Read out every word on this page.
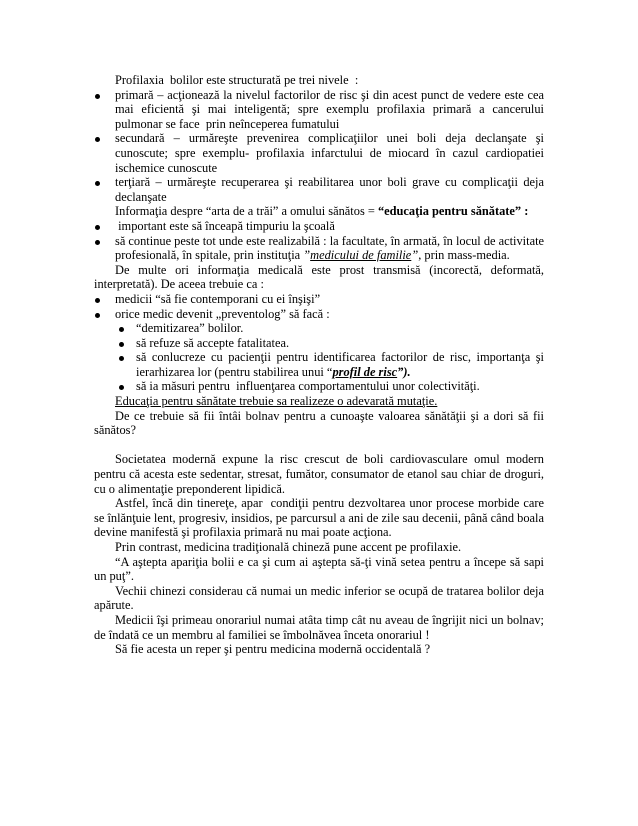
Profilaxia  bolilor este structurată pe trei nivele  :

primară – acţionează la nivelul factorilor de risc şi din acest punct de vedere este cea mai eficientă şi mai inteligentă; spre exemplu profilaxia primară a cancerului pulmonar se face  prin neînceperea fumatului
secundară – urmăreşte prevenirea complicaţiilor unei boli deja declanşate şi cunoscute; spre exemplu- profilaxia infarctului de miocard în cazul cardiopatiei ischemice cunoscute
terţiară – urmăreşte recuperarea şi reabilitarea unor boli grave cu complicaţii deja declanşate

Informaţia despre “arta de a trăi” a omului sănătos = “educaţia pentru sănătate” :

important este să înceapă timpuriu la şcoală
să continue peste tot unde este realizabilă : la facultate, în armată, în locul de activitate profesională, în spitale, prin instituţia ”medicului de familie”, prin mass-media.

De multe ori informaţia medicală este prost transmisă (incorectă, deformată, interpretată). De aceea trebuie ca :

medicii “să fie contemporani cu ei înşişi”
orice medic devenit „preventolog” să facă :
“demitizarea” bolilor.
să refuze să accepte fatalitatea.
să conlucreze cu pacienţii pentru identificarea factorilor de risc, importanţa şi ierarhizarea lor (pentru stabilirea unui “profil de risc”).
să ia măsuri pentru  influenţarea comportamentului unor colectivităţi.

Educaţia pentru sănătate trebuie sa realizeze o adevarată mutaţie.

De ce trebuie să fii întâi bolnav pentru a cunoaşte valoarea sănătăţii şi a dori să fii sănătos?

Societatea modernă expune la risc crescut de boli cardiovasculare omul modern pentru că acesta este sedentar, stresat, fumător, consumator de etanol sau chiar de droguri, cu o alimentaţie preponderent lipidică.

Astfel, încă din tinereţe, apar  condiţii pentru dezvoltarea unor procese morbide care se înlănţuie lent, progresiv, insidios, pe parcursul a ani de zile sau decenii, până când boala devine manifestă şi profilaxia primară nu mai poate acţiona.

Prin contrast, medicina tradiţională chineză pune accent pe profilaxie.

“A aştepta apariţia bolii e ca şi cum ai aştepta să-ţi vină setea pentru a începe să sapi un puţ”.

Vechii chinezi considerau că numai un medic inferior se ocupă de tratarea bolilor deja apărute.

Medicii îşi primeau onorariul numai atâta timp cât nu aveau de îngrijit nici un bolnav; de îndată ce un membru al familiei se îmbolnăvea înceta onorariul !

Să fie acesta un reper şi pentru medicina modernă occidentală ?
